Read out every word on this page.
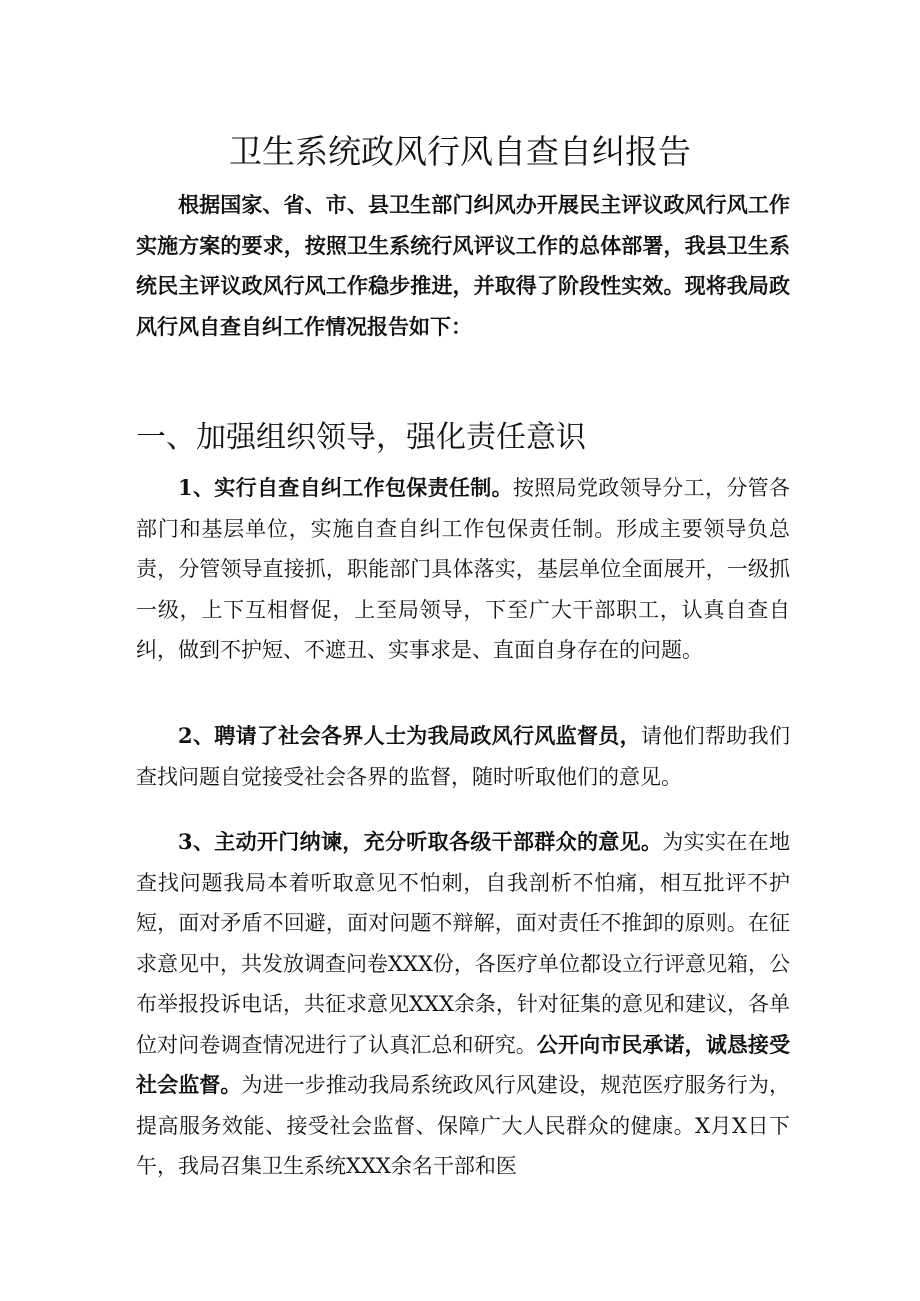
卫生系统政风行风自查自纠报告
根据国家、省、市、县卫生部门纠风办开展民主评议政风行风工作实施方案的要求，按照卫生系统行风评议工作的总体部署，我县卫生系统民主评议政风行风工作稳步推进，并取得了阶段性实效。现将我局政风行风自查自纠工作情况报告如下：
一、加强组织领导，强化责任意识
1、实行自查自纠工作包保责任制。按照局党政领导分工，分管各部门和基层单位，实施自查自纠工作包保责任制。形成主要领导负总责，分管领导直接抓，职能部门具体落实，基层单位全面展开，一级抓一级，上下互相督促，上至局领导，下至广大干部职工，认真自查自纠，做到不护短、不遮丑、实事求是、直面自身存在的问题。
2、聘请了社会各界人士为我局政风行风监督员，请他们帮助我们查找问题自觉接受社会各界的监督，随时听取他们的意见。
3、主动开门纳谏，充分听取各级干部群众的意见。为实实在在地查找问题我局本着听取意见不怕刺，自我剖析不怕痛，相互批评不护短，面对矛盾不回避，面对问题不辩解，面对责任不推卸的原则。在征求意见中，共发放调查问卷XXX份，各医疗单位都设立行评意见箱，公布举报投诉电话，共征求意见XXX余条，针对征集的意见和建议，各单位对问卷调查情况进行了认真汇总和研究。公开向市民承诺，诚恳接受社会监督。为进一步推动我局系统政风行风建设，规范医疗服务行为，提高服务效能、接受社会监督、保障广大人民群众的健康。X月X日下午，我局召集卫生系统XXX余名干部和医
